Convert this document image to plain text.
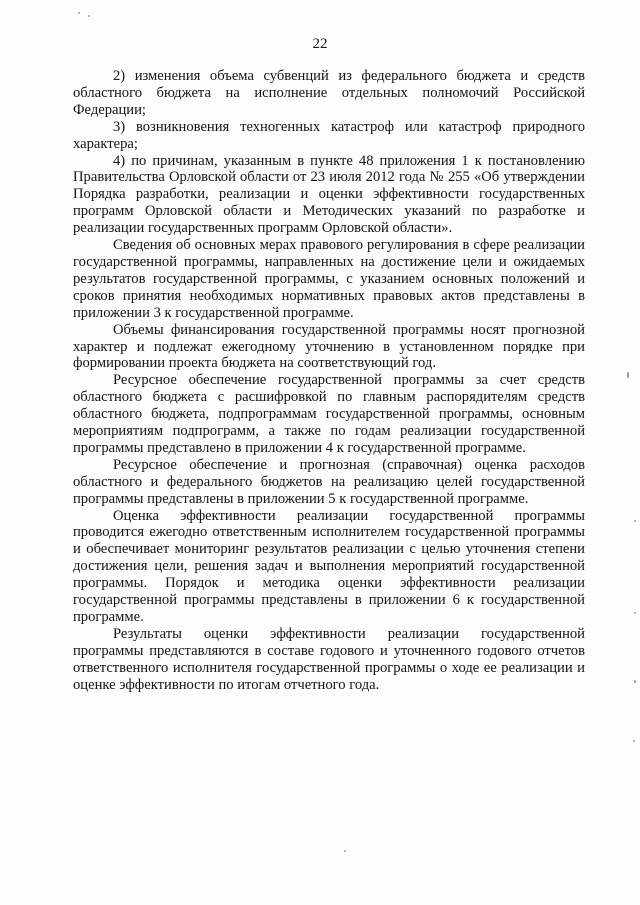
22

2) изменения объема субвенций из федерального бюджета и средств областного бюджета на исполнение отдельных полномочий Российской Федерации;

3) возникновения техногенных катастроф или катастроф природного характера;

4) по причинам, указанным в пункте 48 приложения 1 к постановлению Правительства Орловской области от 23 июля 2012 года № 255 «Об утверждении Порядка разработки, реализации и оценки эффективности государственных программ Орловской области и Методических указаний по разработке и реализации государственных программ Орловской области».

Сведения об основных мерах правового регулирования в сфере реализации государственной программы, направленных на достижение цели и ожидаемых результатов государственной программы, с указанием основных положений и сроков принятия необходимых нормативных правовых актов представлены в приложении 3 к государственной программе.

Объемы финансирования государственной программы носят прогнозной характер и подлежат ежегодному уточнению в установленном порядке при формировании проекта бюджета на соответствующий год.

Ресурсное обеспечение государственной программы за счет средств областного бюджета с расшифровкой по главным распорядителям средств областного бюджета, подпрограммам государственной программы, основным мероприятиям подпрограмм, а также по годам реализации государственной программы представлено в приложении 4 к государственной программе.

Ресурсное обеспечение и прогнозная (справочная) оценка расходов областного и федерального бюджетов на реализацию целей государственной программы представлены в приложении 5 к государственной программе.

Оценка эффективности реализации государственной программы проводится ежегодно ответственным исполнителем государственной программы и обеспечивает мониторинг результатов реализации с целью уточнения степени достижения цели, решения задач и выполнения мероприятий государственной программы. Порядок и методика оценки эффективности реализации государственной программы представлены в приложении 6 к государственной программе.

Результаты оценки эффективности реализации государственной программы представляются в составе годового и уточненного годового отчетов ответственного исполнителя государственной программы о ходе ее реализации и оценке эффективности по итогам отчетного года.
